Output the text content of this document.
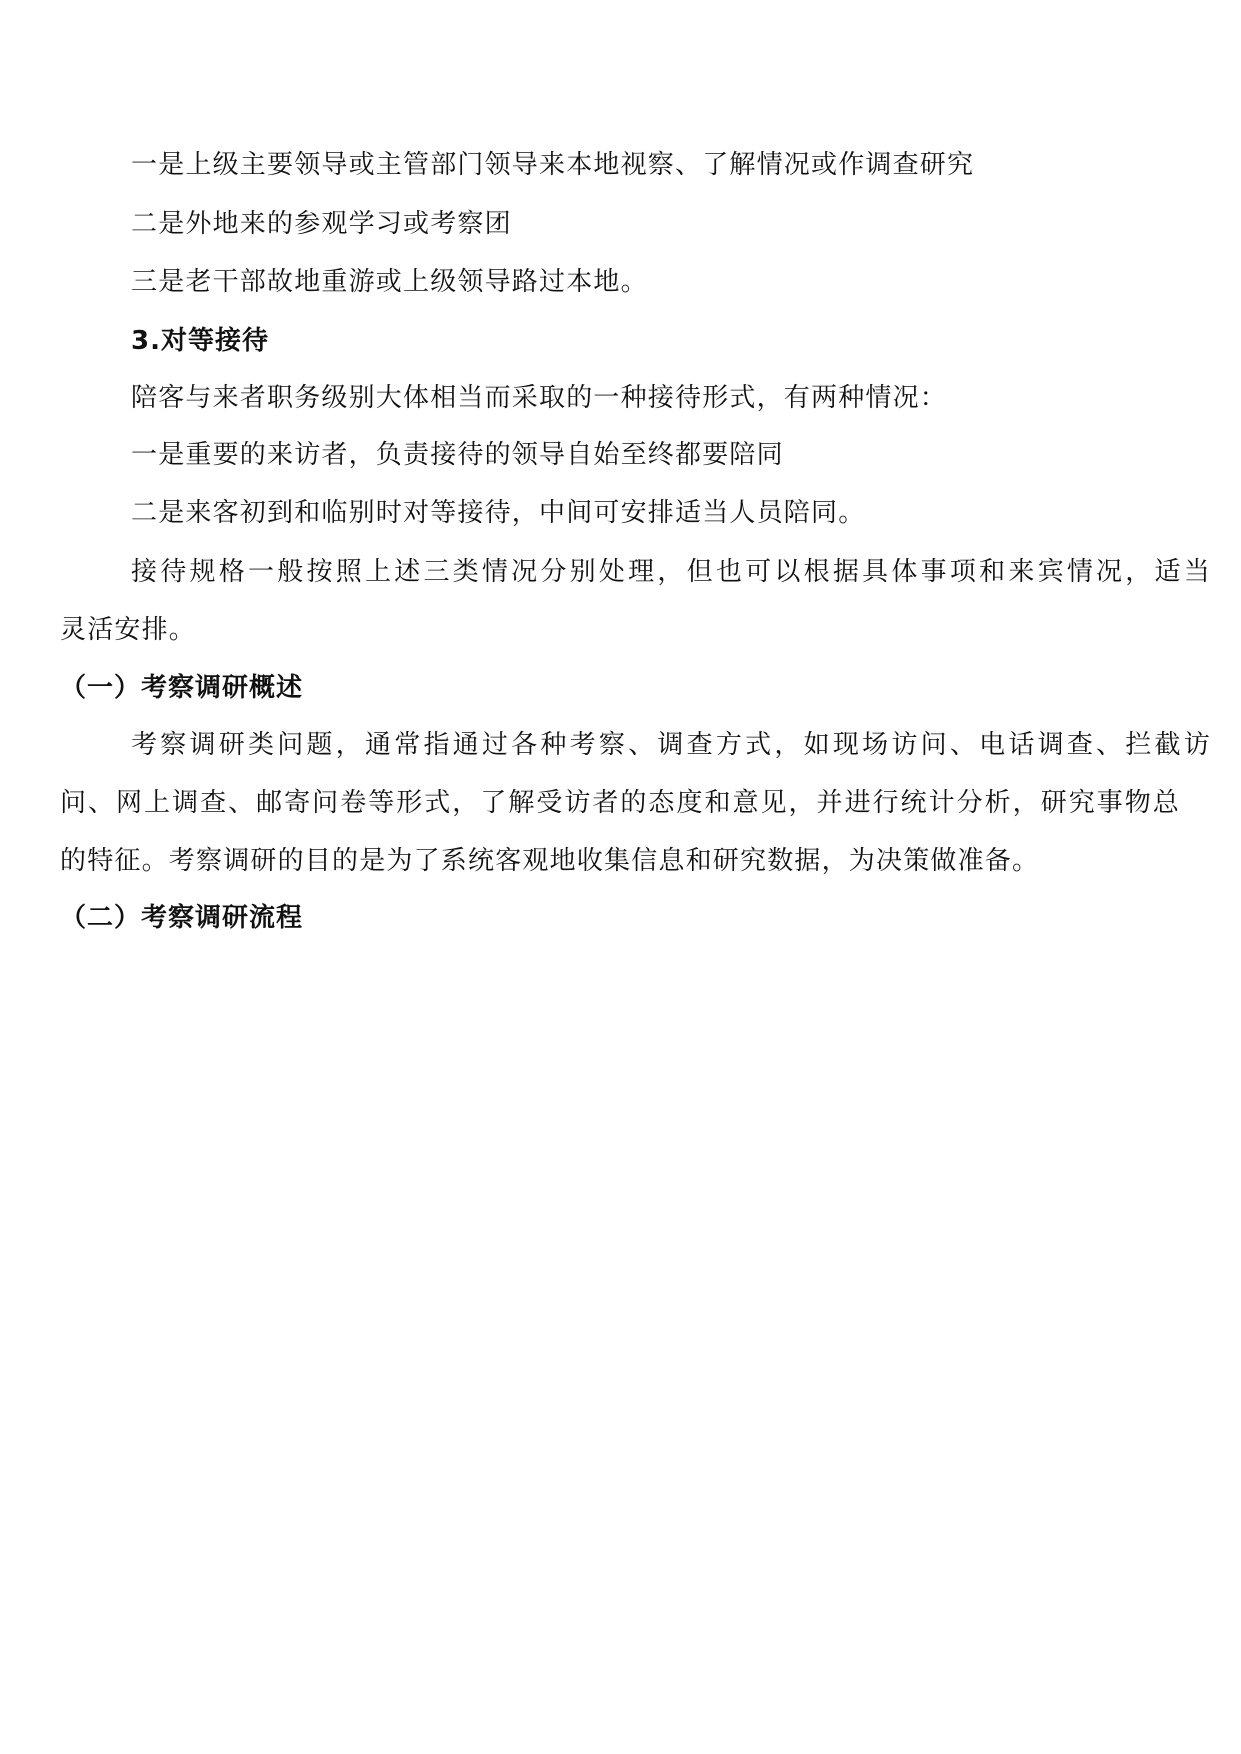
一是上级主要领导或主管部门领导来本地视察、了解情况或作调查研究
二是外地来的参观学习或考察团
三是老干部故地重游或上级领导路过本地。
3.对等接待
陪客与来者职务级别大体相当而采取的一种接待形式，有两种情况：
一是重要的来访者，负责接待的领导自始至终都要陪同
二是来客初到和临别时对等接待，中间可安排适当人员陪同。
接待规格一般按照上述三类情况分别处理，但也可以根据具体事项和来宾情况，适当
灵活安排。
（一）考察调研概述
考察调研类问题，通常指通过各种考察、调查方式，如现场访问、电话调查、拦截访
问、网上调查、邮寄问卷等形式，了解受访者的态度和意见，并进行统计分析，研究事物总
的特征。考察调研的目的是为了系统客观地收集信息和研究数据，为决策做准备。
（二）考察调研流程
